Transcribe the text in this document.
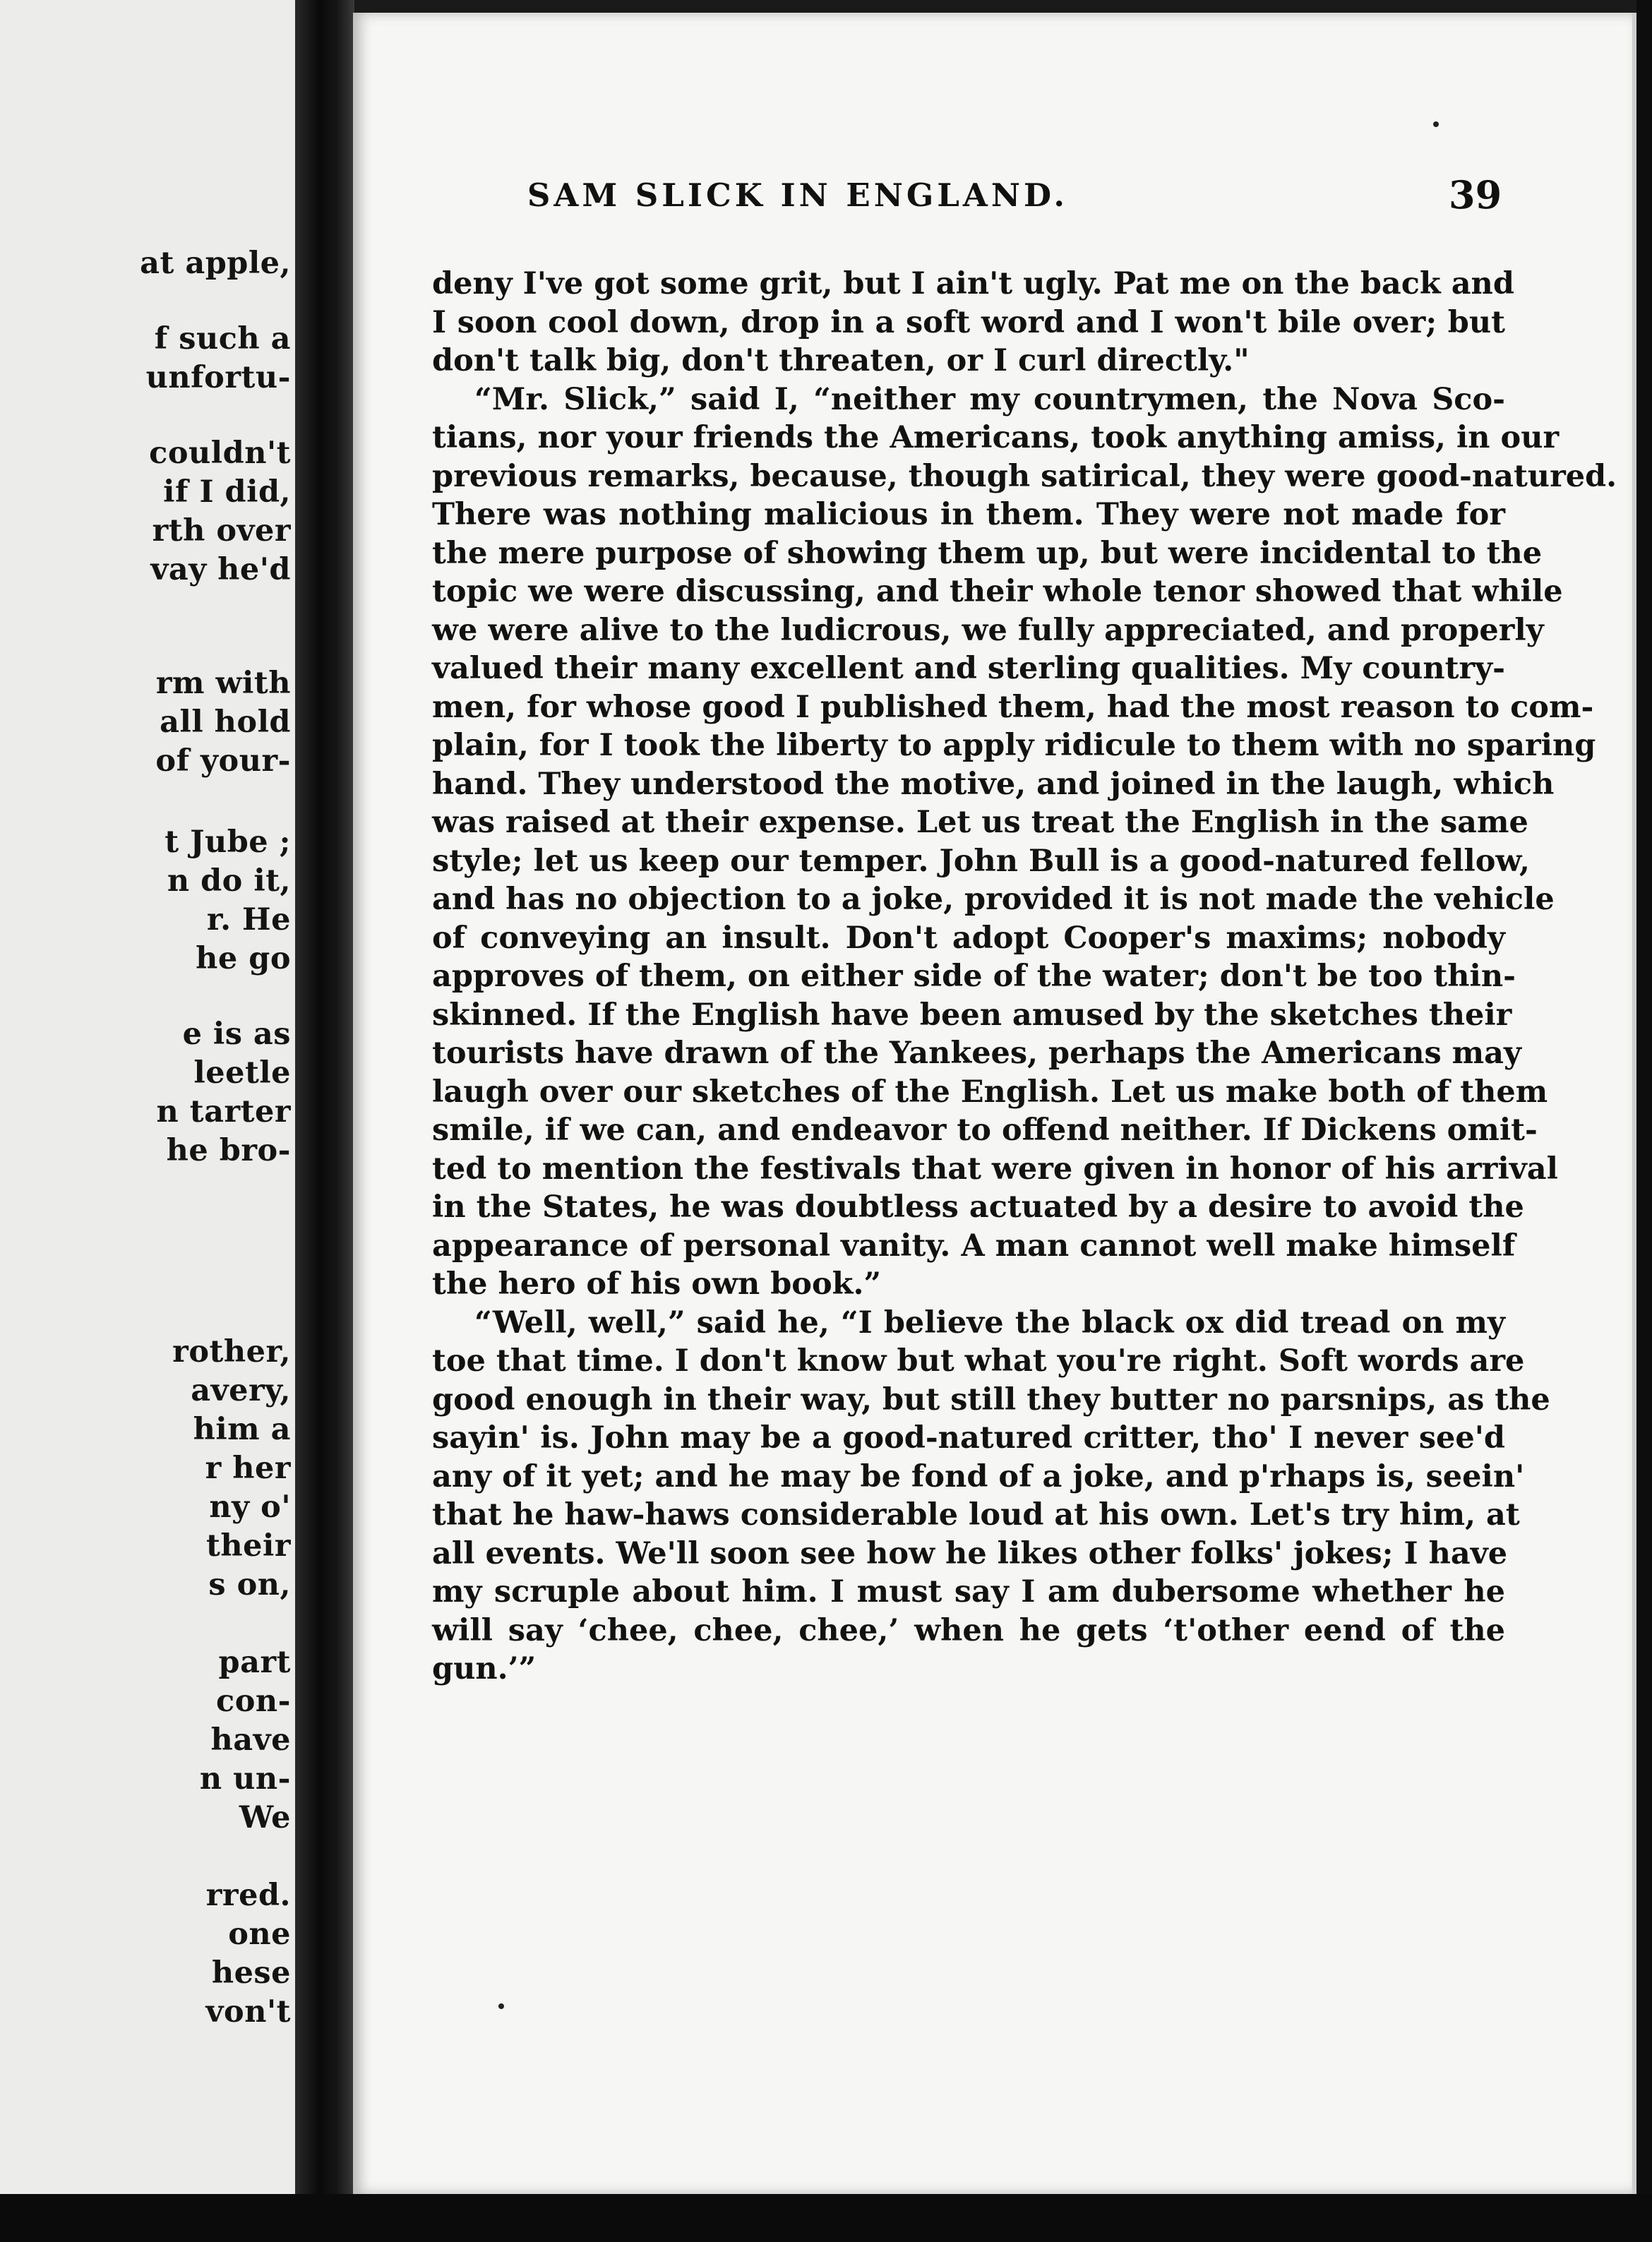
at apple,
f such a
unfortu-
couldn't
if I did,
rth over
vay he'd
rm with
all hold
of your-
t Jube ;
n do it,
r. He
he go
e is as
leetle
n tarter
he bro-
rother,
avery,
him a
r her
ny o'
their
s on,
part
con-
have
n un-
We
rred.
one
hese
von't
SAM SLICK IN ENGLAND.	39
deny I've got some grit, but I ain't ugly. Pat me on the back and
I soon cool down, drop in a soft word and I won't bile over; but
don't talk big, don't threaten, or I curl directly."
“Mr. Slick,” said I, “neither my countrymen, the Nova Sco-
tians, nor your friends the Americans, took anything amiss, in our
previous remarks, because, though satirical, they were good-natured.
There was nothing malicious in them. They were not made for
the mere purpose of showing them up, but were incidental to the
topic we were discussing, and their whole tenor showed that while
we were alive to the ludicrous, we fully appreciated, and properly
valued their many excellent and sterling qualities. My country-
men, for whose good I published them, had the most reason to com-
plain, for I took the liberty to apply ridicule to them with no sparing
hand. They understood the motive, and joined in the laugh, which
was raised at their expense. Let us treat the English in the same
style; let us keep our temper. John Bull is a good-natured fellow,
and has no objection to a joke, provided it is not made the vehicle
of conveying an insult. Don't adopt Cooper's maxims; nobody
approves of them, on either side of the water; don't be too thin-
skinned. If the English have been amused by the sketches their
tourists have drawn of the Yankees, perhaps the Americans may
laugh over our sketches of the English. Let us make both of them
smile, if we can, and endeavor to offend neither. If Dickens omit-
ted to mention the festivals that were given in honor of his arrival
in the States, he was doubtless actuated by a desire to avoid the
appearance of personal vanity. A man cannot well make himself
the hero of his own book.”
“Well, well,” said he, “I believe the black ox did tread on my
toe that time. I don't know but what you're right. Soft words are
good enough in their way, but still they butter no parsnips, as the
sayin' is. John may be a good-natured critter, tho' I never see'd
any of it yet; and he may be fond of a joke, and p'rhaps is, seein'
that he haw-haws considerable loud at his own. Let's try him, at
all events. We'll soon see how he likes other folks' jokes; I have
my scruple about him. I must say I am dubersome whether he
will say ‘chee, chee, chee,’ when he gets ‘t'other eend of the
gun.’”
